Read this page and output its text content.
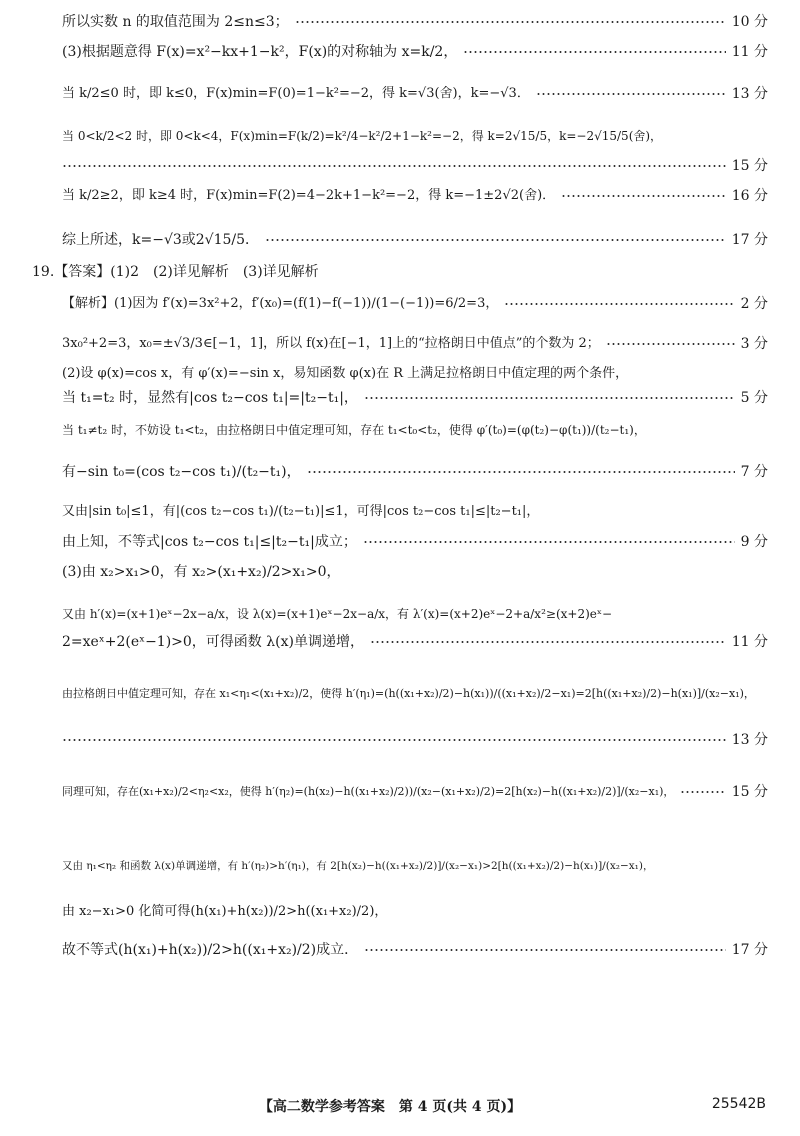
所以实数 n 的取值范围为 2≤n≤3；	10 分
(3)根据题意得 F(x)=x²−kx+1−k²，F(x)的对称轴为 x=k/2，	11 分
当 k/2≤0 时，即 k≤0，F(x)min=F(0)=1−k²=−2，得 k=√3(舍)，k=−√3．	13 分
当 0<k/2<2 时，即 0<k<4，F(x)min=F(k/2)=k²/4−k²/2+1−k²=−2，得 k=2√15/5，k=−2√15/5(舍)，
15 分
当 k/2≥2，即 k≥4 时，F(x)min=F(2)=4−2k+1−k²=−2，得 k=−1±2√2(舍)．	16 分
综上所述，k=−√3或2√15/5．	17 分
19.【答案】(1)2　(2)详见解析　(3)详见解析
【解析】(1)因为 f′(x)=3x²+2，f′(x₀)=(f(1)−f(−1))/(1−(−1))=6/2=3，	2 分
3x₀²+2=3，x₀=±√3/3∈[−1，1]，所以 f(x)在[−1，1]上的“拉格朗日中值点”的个数为 2；	3 分
(2)设 φ(x)=cos x，有 φ′(x)=−sin x，易知函数 φ(x)在 R 上满足拉格朗日中值定理的两个条件，
当 t₁=t₂ 时，显然有|cos t₂−cos t₁|=|t₂−t₁|，	5 分
当 t₁≠t₂ 时，不妨设 t₁<t₂，由拉格朗日中值定理可知，存在 t₁<t₀<t₂，使得 φ′(t₀)=(φ(t₂)−φ(t₁))/(t₂−t₁)，
有−sin t₀=(cos t₂−cos t₁)/(t₂−t₁)，	7 分
又由|sin t₀|≤1，有|(cos t₂−cos t₁)/(t₂−t₁)|≤1，可得|cos t₂−cos t₁|≤|t₂−t₁|，
由上知，不等式|cos t₂−cos t₁|≤|t₂−t₁|成立；	9 分
(3)由 x₂>x₁>0，有 x₂>(x₁+x₂)/2>x₁>0，
又由 h′(x)=(x+1)eˣ−2x−a/x，设 λ(x)=(x+1)eˣ−2x−a/x，有 λ′(x)=(x+2)eˣ−2+a/x²≥(x+2)eˣ−
2=xeˣ+2(eˣ−1)>0，可得函数 λ(x)单调递增，	11 分
由拉格朗日中值定理可知，存在 x₁<η₁<(x₁+x₂)/2，使得 h′(η₁)=(h((x₁+x₂)/2)−h(x₁))/((x₁+x₂)/2−x₁)=2[h((x₁+x₂)/2)−h(x₁)]/(x₂−x₁)，
13 分
同理可知，存在(x₁+x₂)/2<η₂<x₂，使得 h′(η₂)=(h(x₂)−h((x₁+x₂)/2))/(x₂−(x₁+x₂)/2)=2[h(x₂)−h((x₁+x₂)/2)]/(x₂−x₁)，	15 分
又由 η₁<η₂ 和函数 λ(x)单调递增，有 h′(η₂)>h′(η₁)，有 2[h(x₂)−h((x₁+x₂)/2)]/(x₂−x₁)>2[h((x₁+x₂)/2)−h(x₁)]/(x₂−x₁)，
由 x₂−x₁>0 化简可得(h(x₁)+h(x₂))/2>h((x₁+x₂)/2)，
故不等式(h(x₁)+h(x₂))/2>h((x₁+x₂)/2)成立．	17 分
【高二数学参考答案　第 4 页(共 4 页)】	25542B
